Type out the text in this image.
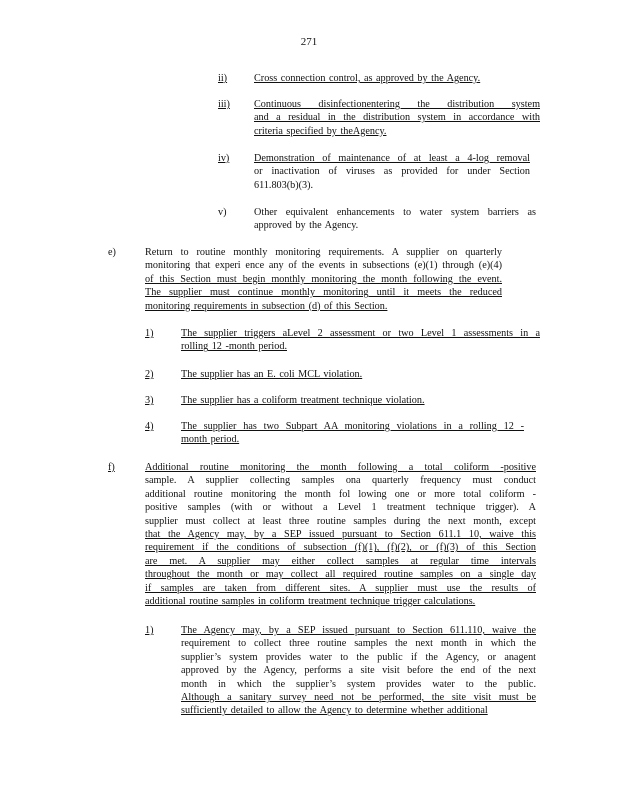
271
ii)	Cross connection control, as approved by the Agency.
iii) Continuous disinfectionentering the distribution system
and a residual in the distribution system in accordance with
criteria specified by theAgency.
iv) Demonstration of maintenance of at least a 4-log removal
or inactivation of viruses as provided for under Section
611.803(b)(3).
v)	Other equivalent enhancements to water system barriers as
approved by the Agency.
e)	Return to routine monthly monitoring requirements. A supplier on quarterly
monitoring that experi ence any of the events in subsections (e)(1) through (e)(4)
of this Section must begin monthly monitoring the month following the event.
The supplier must continue monthly monitoring until it meets the reduced
monitoring requirements in subsection (d) of this Section.
1)	The supplier triggers aLevel 2 assessment or two Level 1 assessments in a
rolling 12 -month period.
2)	The supplier has an E. coli MCL violation.
3)	The supplier has a coliform treatment technique violation.
4)	The supplier has two Subpart AA monitoring violations in a rolling 12 -
month period.
f)	Additional routine monitoring the month following a total coliform -positive
sample. A supplier collecting samples ona quarterly frequency must conduct
additional routine monitoring the month fol lowing one or more total coliform -
positive samples (with or without a Level 1 treatment technique trigger). A
supplier must collect at least three routine samples during the next month, except
that the Agency may, by a SEP issued pursuant to Section 611.1 10, waive this
requirement if the conditions of subsection (f)(1), (f)(2), or (f)(3) of this Section
are met. A supplier may either collect samples at regular time intervals
throughout the month or may collect all required routine samples on a single day
if samples are taken from different sites. A supplier must use the results of
additional routine samples in coliform treatment technique trigger calculations.
1)	The Agency may, by a SEP issued pursuant to Section 611.110, waive the
requirement to collect three routine samples the next month in which the
supplier’s system provides water to the public if the Agency, or anagent
approved by the Agency, performs a site visit before the end of the next
month in which the supplier’s system provides water to the public.
Although a sanitary survey need not be performed, the site visit must be
sufficiently detailed to allow the Agency to determine whether additional
